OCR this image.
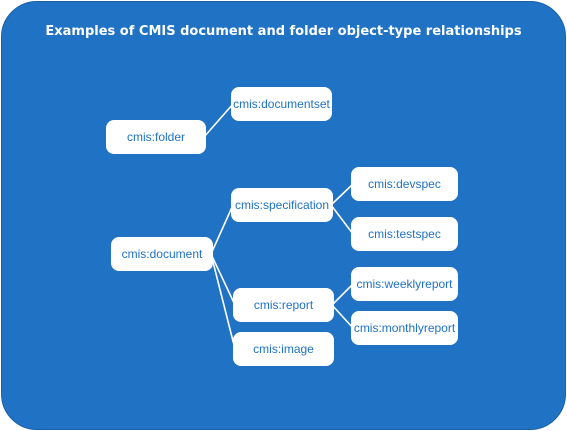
Examples of CMIS document and folder object-type relationships
cmis:folder
cmis:documentset
cmis:document
cmis:specification
cmis:devspec
cmis:testspec
cmis:report
cmis:image
cmis:weeklyreport
cmis:monthlyreport
